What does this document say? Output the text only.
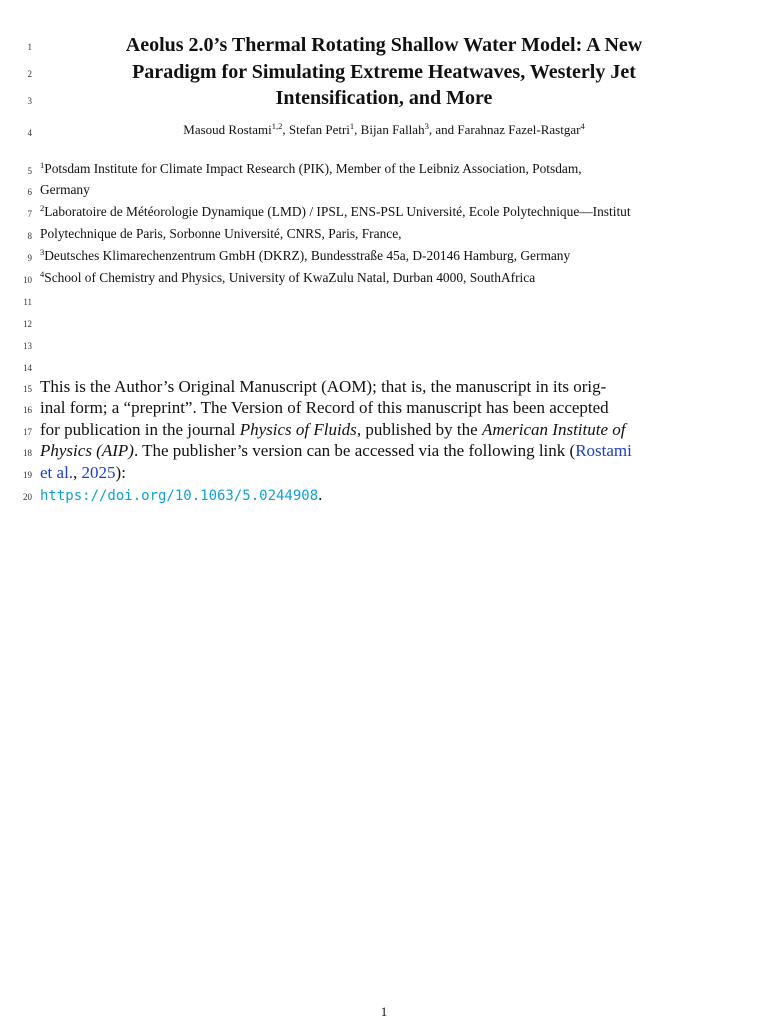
1
2
3
4
5
6
7
8
9
10
11
12
13
14
15
16
17
18
19
20
Aeolus 2.0’s Thermal Rotating Shallow Water Model: A New
Paradigm for Simulating Extreme Heatwaves, Westerly Jet
Intensification, and More
Masoud Rostami$^{1,2}$, Stefan Petri$^1$, Bijan Fallah$^3$, and Farahnaz Fazel-Rastgar$^4$
$^1$Potsdam Institute for Climate Impact Research (PIK), Member of the Leibniz Association, Potsdam,
Germany
$^2$Laboratoire de Météorologie Dynamique (LMD) / IPSL, ENS-PSL Université, Ecole Polytechnique—Institut
Polytechnique de Paris, Sorbonne Université, CNRS, Paris, France,
$^3$Deutsches Klimarechenzentrum GmbH (DKRZ), Bundesstraße 45a, D-20146 Hamburg, Germany
$^4$School of Chemistry and Physics, University of KwaZulu Natal, Durban 4000, SouthAfrica
This is the Author’s Original Manuscript (AOM); that is, the manuscript in its orig-
inal form; a “preprint”. The Version of Record of this manuscript has been accepted
for publication in the journal Physics of Fluids, published by the American Institute of
Physics (AIP). The publisher’s version can be accessed via the following link (Rostami
et al., 2025):
https://doi.org/10.1063/5.0244908.
1
